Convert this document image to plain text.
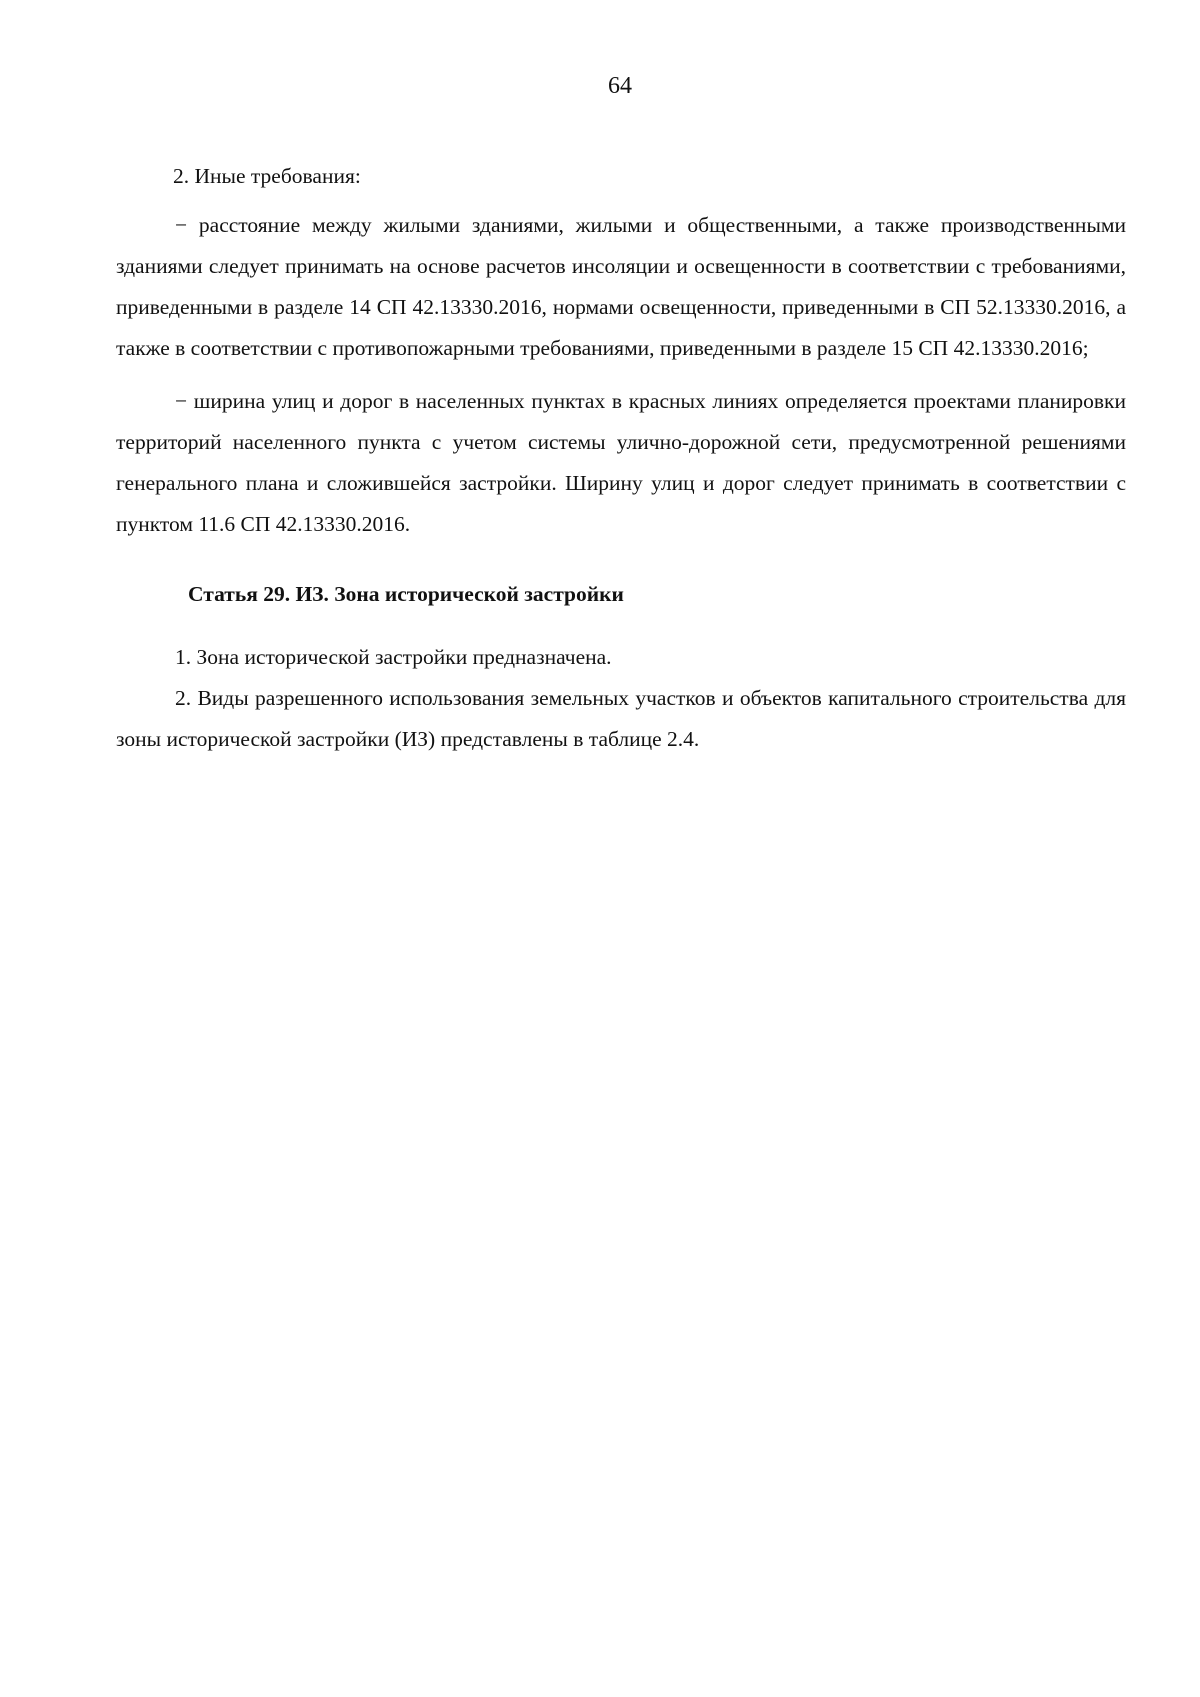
64

2. Иные требования:

− расстояние между жилыми зданиями, жилыми и общественными, а также производственными зданиями следует принимать на основе расчетов инсоляции и освещенности в соответствии с требованиями, приведенными в разделе 14 СП 42.13330.2016, нормами освещенности, приведенными в СП 52.13330.2016, а также в соответствии с противопожарными требованиями, приведенными в разделе 15 СП 42.13330.2016;

− ширина улиц и дорог в населенных пунктах в красных линиях определяется проектами планировки территорий населенного пункта с учетом системы улично-дорожной сети, предусмотренной решениями генерального плана и сложившейся застройки. Ширину улиц и дорог следует принимать в соответствии с пунктом 11.6 СП 42.13330.2016.

Статья 29. ИЗ. Зона исторической застройки

1. Зона исторической застройки предназначена.

2. Виды разрешенного использования земельных участков и объектов капитального строительства для зоны исторической застройки (ИЗ) представлены в таблице 2.4.
